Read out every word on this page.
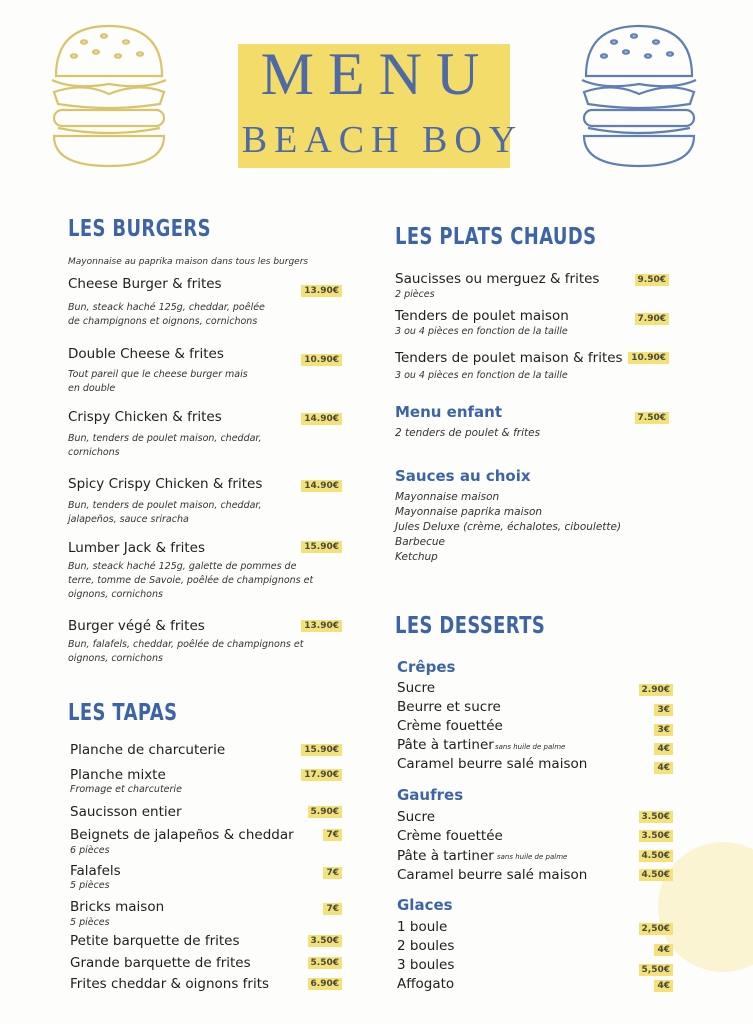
MENU
BEACH BOY
LES BURGERS
Mayonnaise au paprika maison dans tous les burgers
Cheese Burger & frites	13.90€
Bun, steack haché 125g, cheddar, poêlée
de champignons et oignons, cornichons
Double Cheese & frites	10.90€
Tout pareil que le cheese burger mais
en double
Crispy Chicken & frites	14.90€
Bun, tenders de poulet maison, cheddar,
cornichons
Spicy Crispy Chicken & frites	14.90€
Bun, tenders de poulet maison, cheddar,
jalapeños, sauce sriracha
Lumber Jack & frites	15.90€
Bun, steack haché 125g, galette de pommes de
terre, tomme de Savoie, poêlée de champignons et
oignons, cornichons
Burger végé & frites	13.90€
Bun, falafels, cheddar, poêlée de champignons et
oignons, cornichons
LES TAPAS
Planche de charcuterie	15.90€
Planche mixte	17.90€
Fromage et charcuterie
Saucisson entier	5.90€
Beignets de jalapeños & cheddar	7€
6 pièces
Falafels	7€
5 pièces
Bricks maison	7€
5 pièces
Petite barquette de frites	3.50€
Grande barquette de frites	5.50€
Frites cheddar & oignons frits	6.90€
LES PLATS CHAUDS
Saucisses ou merguez & frites	9.50€
2 pièces
Tenders de poulet maison	7.90€
3 ou 4 pièces en fonction de la taille
Tenders de poulet maison & frites 10.90€
3 ou 4 pièces en fonction de la taille
Menu enfant	7.50€
2 tenders de poulet & frites
Sauces au choix
Mayonnaise maison
Mayonnaise paprika maison
Jules Deluxe (crème, échalotes, ciboulette)
Barbecue
Ketchup
LES DESSERTS
Crêpes
Sucre	2.90€
Beurre et sucre	3€
Crème fouettée	3€
Pâte à tartiner sans huile de palme	4€
Caramel beurre salé maison	4€
Gaufres
Sucre	3.50€
Crème fouettée	3.50€
Pâte à tartiner sans huile de palme	4.50€
Caramel beurre salé maison	4.50€
Glaces
1 boule	2,50€
2 boules	4€
3 boules	5,50€
Affogato	4€
